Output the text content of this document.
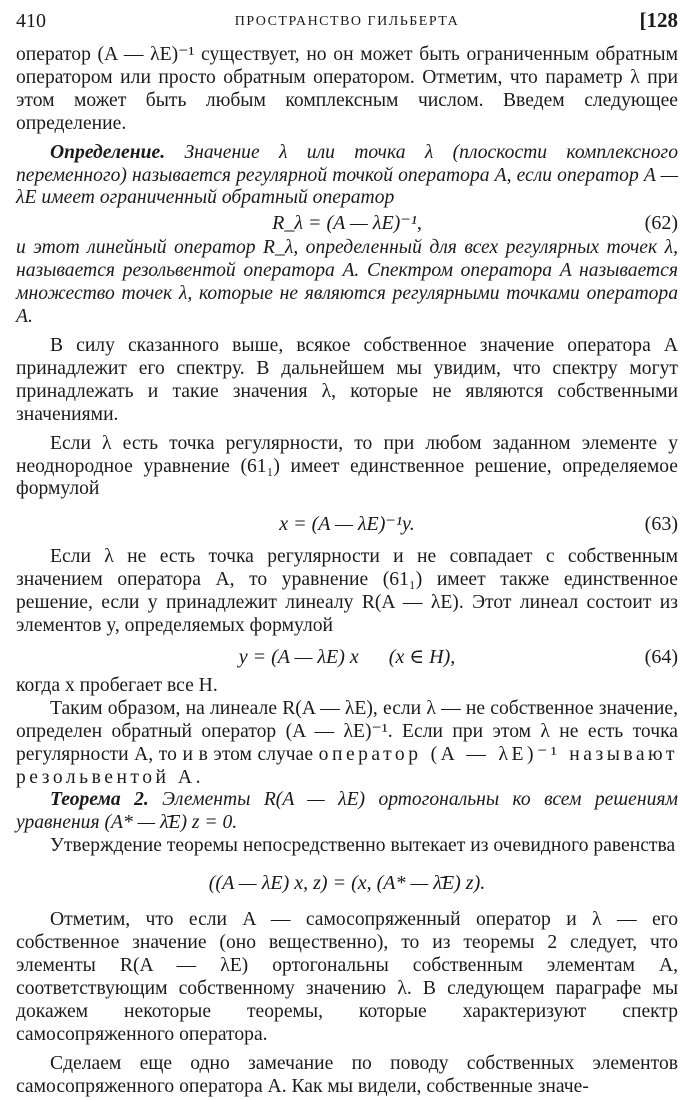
410	ПРОСТРАНСТВО ГИЛЬБЕРТА	[128

оператор (A — λE)⁻¹ существует, но он может быть ограниченным обратным оператором или просто обратным оператором. Отметим, что параметр λ при этом может быть любым комплексным числом. Введем следующее определение.

Определение. Значение λ или точка λ (плоскости комплексного переменного) называется регулярной точкой оператора A, если оператор A — λE имеет ограниченный обратный оператор

R_λ = (A — λE)⁻¹,	(62)

и этот линейный оператор R_λ, определенный для всех регулярных точек λ, называется резольвентой оператора A. Спектром оператора A называется множество точек λ, которые не являются регулярными точками оператора A.

В силу сказанного выше, всякое собственное значение оператора A принадлежит его спектру. В дальнейшем мы увидим, что спектру могут принадлежать и такие значения λ, которые не являются собственными значениями.

Если λ есть точка регулярности, то при любом заданном элементе y неоднородное уравнение (61₁) имеет единственное решение, определяемое формулой

x = (A — λE)⁻¹y.	(63)

Если λ не есть точка регулярности и не совпадает с собственным значением оператора A, то уравнение (61₁) имеет также единственное решение, если y принадлежит линеалу R(A — λE). Этот линеал состоит из элементов y, определяемых формулой

y = (A — λE) x      (x ∈ H),	(64)

когда x пробегает все H.

Таким образом, на линеале R(A — λE), если λ — не собственное значение, определен обратный оператор (A — λE)⁻¹. Если при этом λ не есть точка регулярности A, то и в этом случае оператор (A — λE)⁻¹ называют резольвентой A.

Теорема 2. Элементы R(A — λE) ортогональны ко всем решениям уравнения (A* — λ̄E) z = 0.

Утверждение теоремы непосредственно вытекает из очевидного равенства

((A — λE) x, z) = (x, (A* — λ̄E) z).

Отметим, что если A — самосопряженный оператор и λ — его собственное значение (оно вещественно), то из теоремы 2 следует, что элементы R(A — λE) ортогональны собственным элементам A, соответствующим собственному значению λ. В следующем параграфе мы докажем некоторые теоремы, которые характеризуют спектр самосопряженного оператора.

Сделаем еще одно замечание по поводу собственных элементов самосопряженного оператора A. Как мы видели, собственные значе-
